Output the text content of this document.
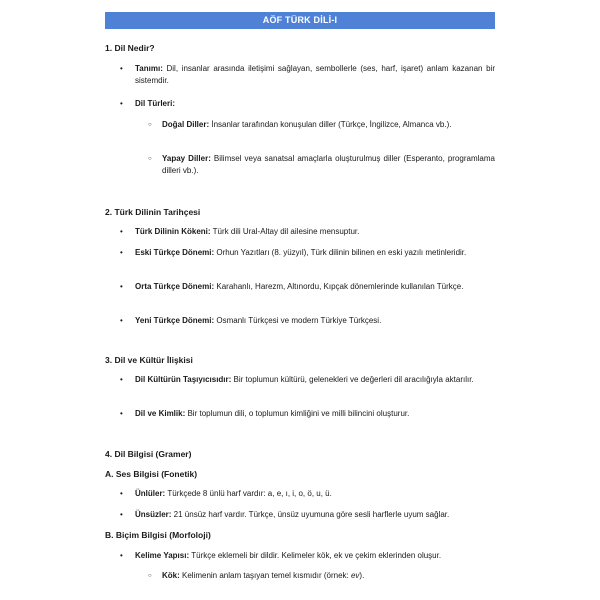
AÖF TÜRK DİLİ-I
1. Dil Nedir?
• Tanımı: Dil, insanlar arasında iletişimi sağlayan, sembollerle (ses, harf, işaret) anlam kazanan bir sistemdir.

• Dil Türleri:

○ Doğal Diller: İnsanlar tarafından konuşulan diller (Türkçe, İngilizce, Almanca vb.).

○ Yapay Diller: Bilimsel veya sanatsal amaçlarla oluşturulmuş diller (Esperanto, programlama dilleri vb.).

2. Türk Dilinin Tarihçesi
• Türk Dilinin Kökeni: Türk dili Ural-Altay dil ailesine mensuptur.

• Eski Türkçe Dönemi: Orhun Yazıtları (8. yüzyıl), Türk dilinin bilinen en eski yazılı metinleridir.

• Orta Türkçe Dönemi: Karahanlı, Harezm, Altınordu, Kıpçak dönemlerinde kullanılan Türkçe.

• Yeni Türkçe Dönemi: Osmanlı Türkçesi ve modern Türkiye Türkçesi.

3. Dil ve Kültür İlişkisi
• Dil Kültürün Taşıyıcısıdır: Bir toplumun kültürü, gelenekleri ve değerleri dil aracılığıyla aktarılır.

• Dil ve Kimlik: Bir toplumun dili, o toplumun kimliğini ve milli bilincini oluşturur.

4. Dil Bilgisi (Gramer)
A. Ses Bilgisi (Fonetik)
• Ünlüler: Türkçede 8 ünlü harf vardır: a, e, ı, i, o, ö, u, ü.

• Ünsüzler: 21 ünsüz harf vardır. Türkçe, ünsüz uyumuna göre sesli harflerle uyum sağlar.

B. Biçim Bilgisi (Morfoloji)
• Kelime Yapısı: Türkçe eklemeli bir dildir. Kelimeler kök, ek ve çekim eklerinden oluşur.

○ Kök: Kelimenin anlam taşıyan temel kısmıdır (örnek: ev).
